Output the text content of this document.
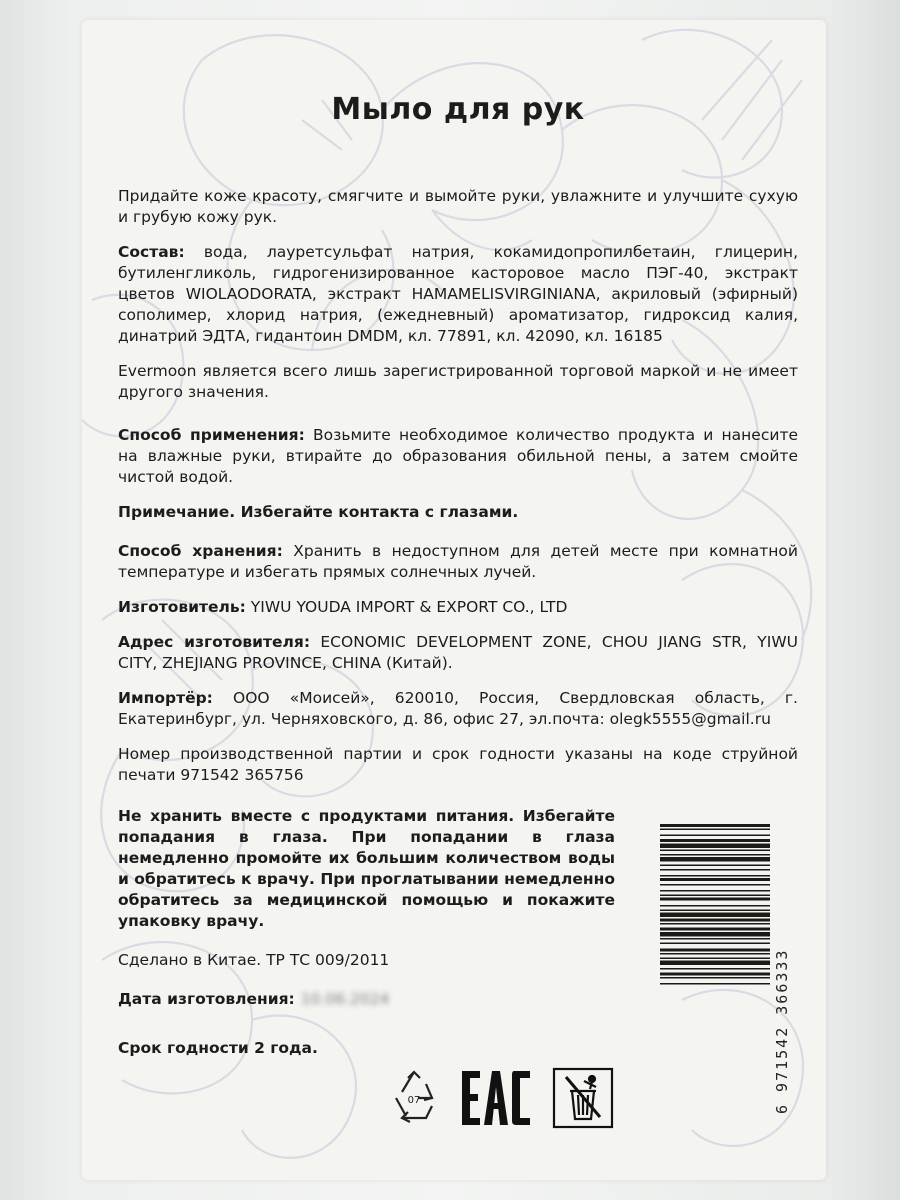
Мыло для рук

Придайте коже красоту, смягчите и вымойте руки, увлажните и улучшите сухую и грубую кожу рук.

Состав: вода, лауретсульфат натрия, кокамидопропилбетаин, глицерин, бутиленгликоль, гидрогенизированное касторовое масло ПЭГ-40, экстракт цветов WIOLAODORATA, экстракт HAMAMELISVIRGINIANA, акриловый (эфирный) сополимер, хлорид натрия, (ежедневный) ароматизатор, гидроксид калия, динатрий ЭДТА, гидантоин DMDM, кл. 77891, кл. 42090, кл. 16185

Evermoon является всего лишь зарегистрированной торговой маркой и не имеет другого значения.

Способ применения: Возьмите необходимое количество продукта и нанесите на влажные руки, втирайте до образования обильной пены, а затем смойте чистой водой.

Примечание. Избегайте контакта с глазами.

Способ хранения: Хранить в недоступном для детей месте при комнатной температуре и избегать прямых солнечных лучей.

Изготовитель: YIWU YOUDA IMPORT & EXPORT CO., LTD

Адрес изготовителя: ECONOMIC DEVELOPMENT ZONE, CHOU JIANG STR, YIWU CITY, ZHEJIANG PROVINCE, CHINA (Китай).

Импортёр: ООО «Моисей», 620010, Россия, Свердловская область, г. Екатеринбург, ул. Черняховского, д. 86, офис 27, эл.почта: olegk5555@gmail.ru

Номер производственной партии и срок годности указаны на коде струйной печати 971542 365756

Не хранить вместе с продуктами питания. Избегайте попадания в глаза. При попадании в глаза немедленно промойте их большим количеством воды и обратитесь к врачу. При проглатывании немедленно обратитесь за медицинской помощью и покажите упаковку врачу.

6 971542 366333

Сделано в Китае. ТР ТС 009/2011

Дата изготовления: 10.06.2024

Срок годности 2 года.

07
